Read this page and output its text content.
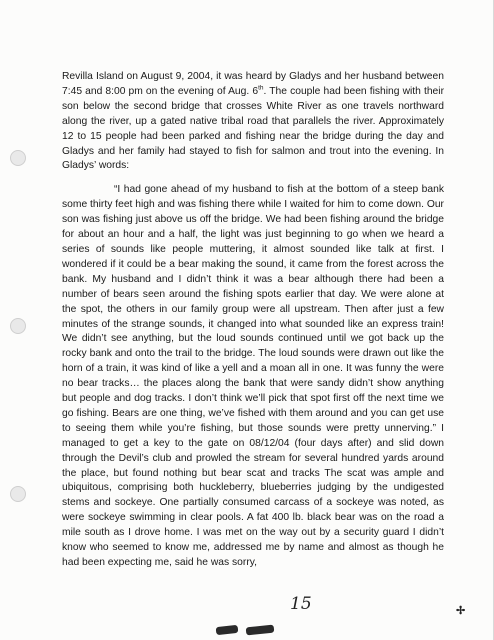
Revilla Island on August 9, 2004, it was heard by Gladys and her husband between 7:45 and 8:00 pm on the evening of Aug. 6th. The couple had been fishing with their son below the second bridge that crosses White River as one travels northward along the river, up a gated native tribal road that parallels the river. Approximately 12 to 15 people had been parked and fishing near the bridge during the day and Gladys and her family had stayed to fish for salmon and trout into the evening. In Gladys’ words:

“I had gone ahead of my husband to fish at the bottom of a steep bank some thirty feet high and was fishing there while I waited for him to come down. Our son was fishing just above us off the bridge. We had been fishing around the bridge for about an hour and a half, the light was just beginning to go when we heard a series of sounds like people muttering, it almost sounded like talk at first. I wondered if it could be a bear making the sound, it came from the forest across the bank. My husband and I didn’t think it was a bear although there had been a number of bears seen around the fishing spots earlier that day. We were alone at the spot, the others in our family group were all upstream. Then after just a few minutes of the strange sounds, it changed into what sounded like an express train! We didn’t see anything, but the loud sounds continued until we got back up the rocky bank and onto the trail to the bridge. The loud sounds were drawn out like the horn of a train, it was kind of like a yell and a moan all in one. It was funny the were no bear tracks… the places along the bank that were sandy didn’t show anything but people and dog tracks. I don’t think we’ll pick that spot first off the next time we go fishing. Bears are one thing, we’ve fished with them around and you can get use to seeing them while you’re fishing, but those sounds were pretty unnerving.” I managed to get a key to the gate on 08/12/04 (four days after) and slid down through the Devil’s club and prowled the stream for several hundred yards around the place, but found nothing but bear scat and tracks The scat was ample and ubiquitous, comprising both huckleberry, blueberries judging by the undigested stems and sockeye. One partially consumed carcass of a sockeye was noted, as were sockeye swimming in clear pools. A fat 400 lb. black bear was on the road a mile south as I drove home. I was met on the way out by a security guard I didn’t know who seemed to know me, addressed me by name and almost as though he had been expecting me, said he was sorry,

15	✢
